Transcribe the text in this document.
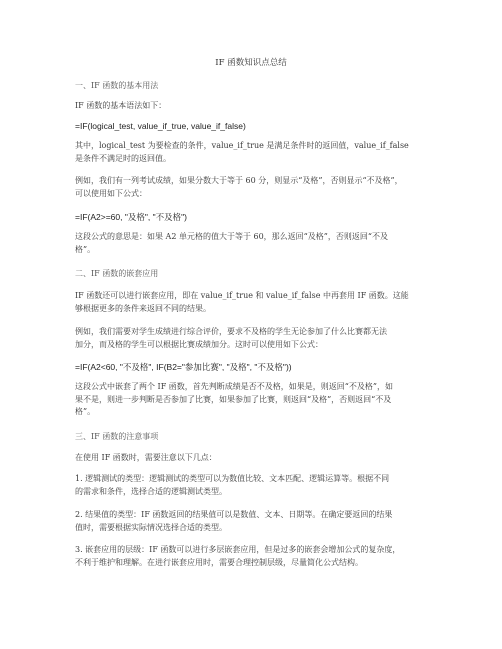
IF 函数知识点总结
一、IF 函数的基本用法
IF 函数的基本语法如下：
=IF(logical_test, value_if_true, value_if_false)
其中，logical_test 为要检查的条件，value_if_true 是满足条件时的返回值，value_if_false
是条件不满足时的返回值。
例如，我们有一列考试成绩，如果分数大于等于 60 分，则显示“及格”，否则显示“不及格”，
可以使用如下公式：
=IF(A2>=60, "及格", "不及格")
这段公式的意思是：如果 A2 单元格的值大于等于 60，那么返回“及格”，否则返回“不及
格”。
二、IF 函数的嵌套应用
IF 函数还可以进行嵌套应用，即在 value_if_true 和 value_if_false 中再套用 IF 函数。这能
够根据更多的条件来返回不同的结果。
例如，我们需要对学生成绩进行综合评价，要求不及格的学生无论参加了什么比赛都无法
加分，而及格的学生可以根据比赛成绩加分。这时可以使用如下公式：
=IF(A2<60, "不及格", IF(B2="参加比赛", "及格", "不及格"))
这段公式中嵌套了两个 IF 函数，首先判断成绩是否不及格，如果是，则返回“不及格”，如
果不是，则进一步判断是否参加了比赛，如果参加了比赛，则返回“及格”，否则返回“不及
格”。
三、IF 函数的注意事项
在使用 IF 函数时，需要注意以下几点：
1. 逻辑测试的类型：逻辑测试的类型可以为数值比较、文本匹配、逻辑运算等。根据不同
的需求和条件，选择合适的逻辑测试类型。
2. 结果值的类型：IF 函数返回的结果值可以是数值、文本、日期等。在确定要返回的结果
值时，需要根据实际情况选择合适的类型。
3. 嵌套应用的层级：IF 函数可以进行多层嵌套应用，但是过多的嵌套会增加公式的复杂度，
不利于维护和理解。在进行嵌套应用时，需要合理控制层级，尽量简化公式结构。
